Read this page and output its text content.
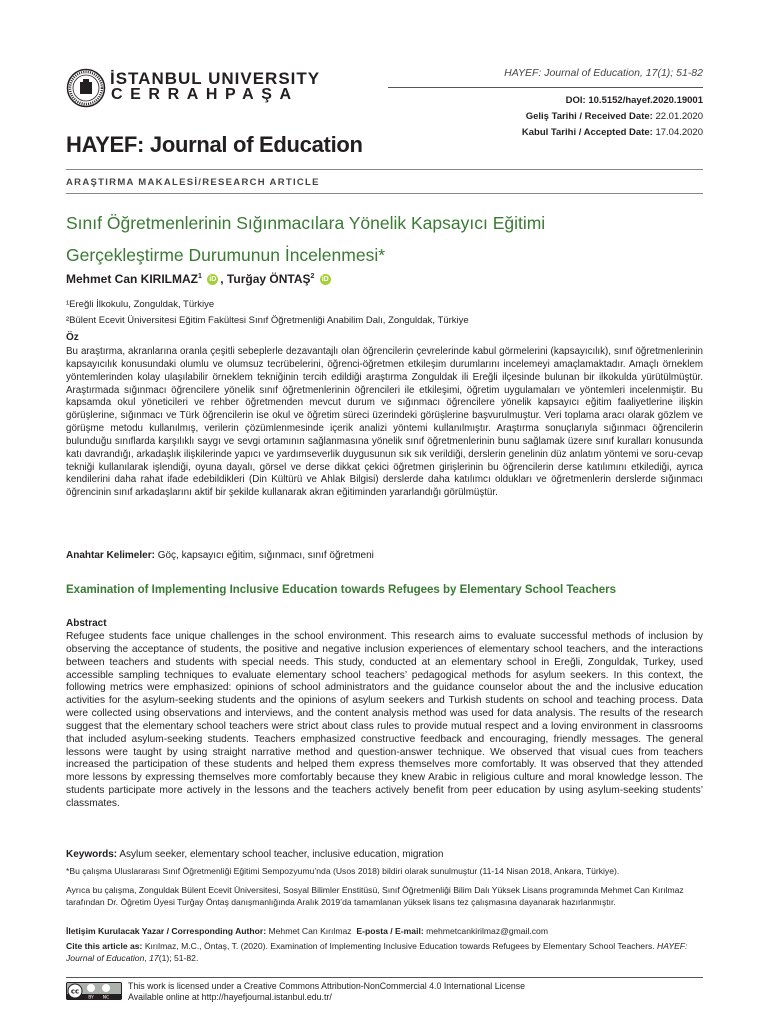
İSTANBUL UNIVERSITY
CERRAHPAŞA
HAYEF: Journal of Education, 17(1); 51-82
DOI: 10.5152/hayef.2020.19001
Geliş Tarihi / Received Date: 22.01.2020
Kabul Tarihi / Accepted Date: 17.04.2020
HAYEF: Journal of Education
ARAŞTIRMA MAKALESİ/RESEARCH ARTICLE
Sınıf Öğretmenlerinin Sığınmacılara Yönelik Kapsayıcı Eğitimi
Gerçekleştirme Durumunun İncelenmesi*
Mehmet Can KIRILMAZ$^1$ iD , Turğay ÖNTAŞ$^2$ iD
¹Ereğli İlkokulu, Zonguldak, Türkiye
²Bülent Ecevit Üniversitesi Eğitim Fakültesi Sınıf Öğretmenliği Anabilim Dalı, Zonguldak, Türkiye
Öz
Bu araştırma, akranlarına oranla çeşitli sebeplerle dezavantajlı olan öğrencilerin çevrelerinde kabul görmelerini (kapsayıcılık), sınıf öğretmenlerinin kapsayıcılık konusundaki olumlu ve olumsuz tecrübelerini, öğrenci-öğretmen etkileşim durumlarını incelemeyi amaçlamaktadır. Amaçlı örneklem yöntemlerinden kolay ulaşılabilir örneklem tekniğinin tercih edildiği araştırma Zonguldak ili Ereğli ilçesinde bulunan bir ilkokulda yürütülmüştür. Araştırmada sığınmacı öğrencilere yönelik sınıf öğretmenlerinin öğrencileri ile etkileşimi, öğretim uygulamaları ve yöntemleri incelenmiştir. Bu kapsamda okul yöneticileri ve rehber öğretmenden mevcut durum ve sığınmacı öğrencilere yönelik kapsayıcı eğitim faaliyetlerine ilişkin görüşlerine, sığınmacı ve Türk öğrencilerin ise okul ve öğretim süreci üzerindeki görüşlerine başvurulmuştur. Veri toplama aracı olarak gözlem ve görüşme metodu kullanılmış, verilerin çözümlenmesinde içerik analizi yöntemi kullanılmıştır. Araştırma sonuçlarıyla sığınmacı öğrencilerin bulunduğu sınıflarda karşılıklı saygı ve sevgi ortamının sağlanmasına yönelik sınıf öğretmenlerinin bunu sağlamak üzere sınıf kuralları konusunda katı davrandığı, arkadaşlık ilişkilerinde yapıcı ve yardımseverlik duygusunun sık sık verildiği, derslerin genelinin düz anlatım yöntemi ve soru-cevap tekniği kullanılarak işlendiği, oyuna dayalı, görsel ve derse dikkat çekici öğretmen girişlerinin bu öğrencilerin derse katılımını etkilediği, ayrıca kendilerini daha rahat ifade edebildikleri (Din Kültürü ve Ahlak Bilgisi) derslerde daha katılımcı oldukları ve öğretmenlerin derslerde sığınmacı öğrencinin sınıf arkadaşlarını aktif bir şekilde kullanarak akran eğitiminden yararlandığı görülmüştür.
Anahtar Kelimeler: Göç, kapsayıcı eğitim, sığınmacı, sınıf öğretmeni
Examination of Implementing Inclusive Education towards Refugees by Elementary School Teachers
Abstract
Refugee students face unique challenges in the school environment. This research aims to evaluate successful methods of inclusion by observing the acceptance of students, the positive and negative inclusion experiences of elementary school teachers, and the interactions between teachers and students with special needs. This study, conducted at an elementary school in Ereğli, Zonguldak, Turkey, used accessible sampling techniques to evaluate elementary school teachers’ pedagogical methods for asylum seekers. In this context, the following metrics were emphasized: opinions of school administrators and the guidance counselor about the and the inclusive education activities for the asylum-seeking students and the opinions of asylum seekers and Turkish students on school and teaching process. Data were collected using observations and interviews, and the content analysis method was used for data analysis. The results of the research suggest that the elementary school teachers were strict about class rules to provide mutual respect and a loving environment in classrooms that included asylum-seeking students. Teachers emphasized constructive feedback and encouraging, friendly messages. The general lessons were taught by using straight narrative method and question-answer technique. We observed that visual cues from teachers increased the participation of these students and helped them express themselves more comfortably. It was observed that they attended more lessons by expressing themselves more comfortably because they knew Arabic in religious culture and moral knowledge lesson. The students participate more actively in the lessons and the teachers actively benefit from peer education by using asylum-seeking students’ classmates.
Keywords: Asylum seeker, elementary school teacher, inclusive education, migration
*Bu çalışma Uluslararası Sınıf Öğretmenliği Eğitimi Sempozyumu’nda (Usos 2018) bildiri olarak sunulmuştur (11-14 Nisan 2018, Ankara, Türkiye).
Ayrıca bu çalışma, Zonguldak Bülent Ecevit Üniversitesi, Sosyal Bilimler Enstitüsü, Sınıf Öğretmenliği Bilim Dalı Yüksek Lisans programında Mehmet Can Kırılmaz tarafından Dr. Öğretim Üyesi Turğay Öntaş danışmanlığında Aralık 2019’da tamamlanan yüksek lisans tez çalışmasına dayanarak hazırlanmıştır.
İletişim Kurulacak Yazar / Corresponding Author: Mehmet Can Kırılmaz E-posta / E-mail: mehmetcankirilmaz@gmail.com
Cite this article as: Kırılmaz, M.C., Öntaş, T. (2020). Examination of Implementing Inclusive Education towards Refugees by Elementary School Teachers. HAYEF: Journal of Education, 17(1); 51-82.
cc
BY NC
This work is licensed under a Creative Commons Attribution-NonCommercial 4.0 International License
Available online at http://hayefjournal.istanbul.edu.tr/
